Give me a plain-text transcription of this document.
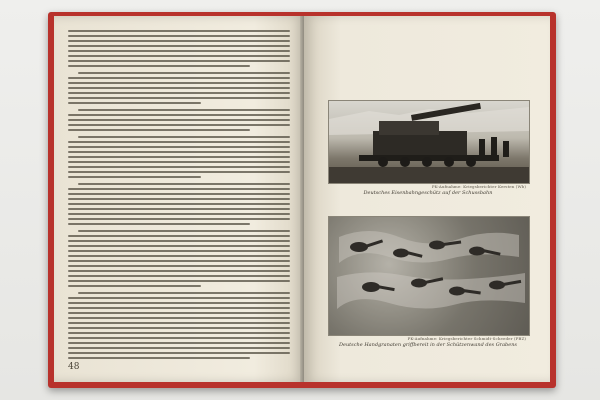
48
PK-Aufnahme: Kriegsberichter Kersten (Wb)
Deutsches Eisenbahngeschütz auf der Schussbahn
PK-Aufnahme: Kriegsberichter Schmidt-Scheeder (PBZ)
Deutsche Handgranaten griffbereit in der Schützenwand des Grabens
